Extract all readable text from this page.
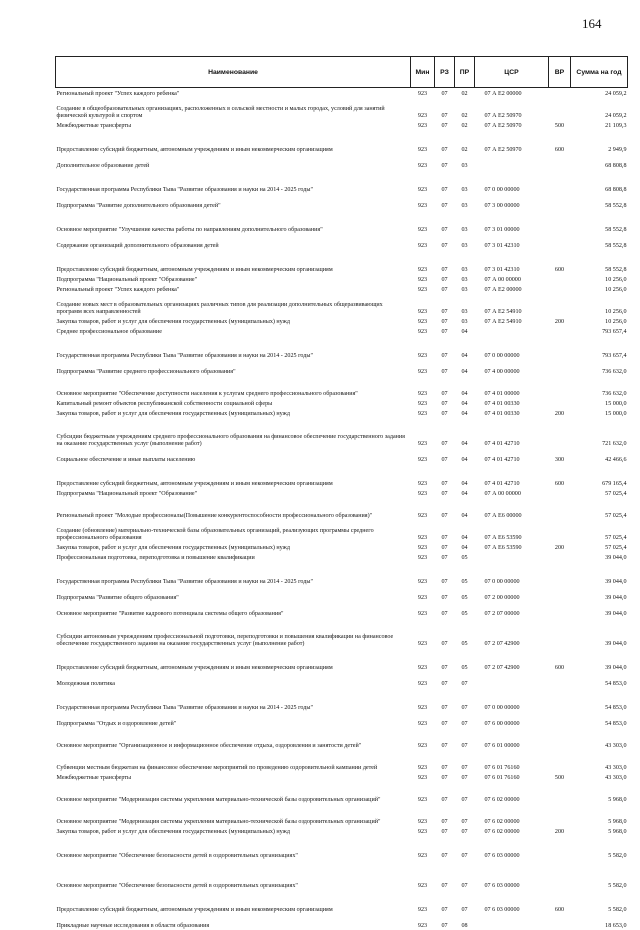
164
Наименование	Мин	РЗ	ПР	ЦСР	ВР	Сумма на год
Региональный проект "Успех каждого ребенка"	923	07	02	07 А Е2 00000		24 059,2
Создание в общеобразовательных организациях, расположенных в сельской местности и малых городах, условий для занятий физической культурой и спортом	923	07	02	07 А Е2 50970		24 059,2
Межбюджетные трансферты	923	07	02	07 А Е2 50970	500	21 109,3
Предоставление субсидий бюджетным, автономным учреждениям и иным некоммерческим организациям	923	07	02	07 А Е2 50970	600	2 949,9
Дополнительное образование детей	923	07	03			68 808,8
Государственная программа Республики Тыва "Развитие образования и науки на 2014 - 2025 годы"	923	07	03	07 0 00 00000		68 808,8
Подпрограмма "Развитие дополнительного образования детей"	923	07	03	07 3 00 00000		58 552,8
Основное мероприятие "Улучшение качества работы по направлениям дополнительного образования"	923	07	03	07 3 01 00000		58 552,8
Содержание организаций дополнительного образования детей	923	07	03	07 3 01 42310		58 552,8
Предоставление субсидий бюджетным, автономным учреждениям и иным некоммерческим организациям	923	07	03	07 3 01 42310	600	58 552,8
Подпрограмма "Национальный проект "Образование"	923	07	03	07 А 00 00000		10 256,0
Региональный проект "Успех каждого ребенка"	923	07	03	07 А Е2 00000		10 256,0
Создание новых мест в образовательных организациях различных типов для реализации дополнительных общеразвивающих программ всех направленностей	923	07	03	07 А Е2 54910		10 256,0
Закупка товаров, работ и услуг для обеспечения государственных (муниципальных) нужд	923	07	03	07 А Е2 54910	200	10 256,0
Среднее профессиональное образование	923	07	04			793 657,4
Государственная программа Республики Тыва "Развитие образования и науки на 2014 - 2025 годы"	923	07	04	07 0 00 00000		793 657,4
Подпрограмма "Развитие среднего профессионального образования"	923	07	04	07 4 00 00000		736 632,0
Основное мероприятие "Обеспечение доступности населения к услугам среднего профессионального образования"	923	07	04	07 4 01 00000		736 632,0
Капитальный ремонт объектов республиканской собственности социальной сферы	923	07	04	07 4 01 00330		15 000,0
Закупка товаров, работ и услуг для обеспечения государственных (муниципальных) нужд	923	07	04	07 4 01 00330	200	15 000,0
Субсидии бюджетным учреждениям среднего профессионального образования на финансовое обеспечение государственного задания на оказание государственных услуг (выполнение работ)	923	07	04	07 4 01 42710		721 632,0
Социальное обеспечение и иные выплаты населению	923	07	04	07 4 01 42710	300	42 466,6
Предоставление субсидий бюджетным, автономным учреждениям и иным некоммерческим организациям	923	07	04	07 4 01 42710	600	679 165,4
Подпрограмма "Национальный проект "Образование"	923	07	04	07 А 00 00000		57 025,4
Региональный проект "Молодые профессионалы(Повышение конкурентоспособности профессионального образования)"	923	07	04	07 А Е6 00000		57 025,4
Создание (обновление) материально-технической базы образовательных организаций, реализующих программы среднего профессионального образования	923	07	04	07 А Е6 53590		57 025,4
Закупка товаров, работ и услуг для обеспечения государственных (муниципальных) нужд	923	07	04	07 А Е6 53590	200	57 025,4
Профессиональная подготовка, переподготовка и повышение квалификации	923	07	05			39 044,0
Государственная программа Республики Тыва "Развитие образования и науки на 2014 - 2025 годы"	923	07	05	07 0 00 00000		39 044,0
Подпрограмма "Развитие общего образования"	923	07	05	07 2 00 00000		39 044,0
Основное мероприятие "Развитие кадрового потенциала системы общего образования"	923	07	05	07 2 07 00000		39 044,0
Субсидии автономным учреждениям профессиональной подготовки, переподготовки и повышения квалификации на финансовое обеспечение государственного задания на оказание государственных услуг (выполнение работ)	923	07	05	07 2 07 42900		39 044,0
Предоставление субсидий бюджетным, автономным учреждениям и иным некоммерческим организациям	923	07	05	07 2 07 42900	600	39 044,0
Молодежная политика	923	07	07			54 853,0
Государственная программа Республики Тыва "Развитие образования и науки на 2014 - 2025 годы"	923	07	07	07 0 00 00000		54 853,0
Подпрограмма "Отдых и оздоровление детей"	923	07	07	07 6 00 00000		54 853,0
Основное мероприятие "Организационное и информационное обеспечение отдыха, оздоровления и занятости детей"	923	07	07	07 6 01 00000		43 303,0
Субвенции местным бюджетам на финансовое обеспечение мероприятий по проведению оздоровительной кампании детей	923	07	07	07 6 01 76160		43 303,0
Межбюджетные трансферты	923	07	07	07 6 01 76160	500	43 303,0
Основное мероприятие "Модернизация системы укрепления материально-технической базы оздоровительных организаций"	923	07	07	07 6 02 00000		5 968,0
Основное мероприятие "Модернизация системы укрепления материально-технической базы оздоровительных организаций"	923	07	07	07 6 02 00000		5 968,0
Закупка товаров, работ и услуг для обеспечения государственных (муниципальных) нужд	923	07	07	07 6 02 00000	200	5 968,0
Основное мероприятие "Обеспечение безопасности детей в оздоровительных организациях"	923	07	07	07 6 03 00000		5 582,0
Основное мероприятие "Обеспечение безопасности детей в оздоровительных организациях"	923	07	07	07 6 03 00000		5 582,0
Предоставление субсидий бюджетным, автономным учреждениям и иным некоммерческим организациям	923	07	07	07 6 03 00000	600	5 582,0
Прикладные научные исследования в области образования	923	07	08			18 653,0
